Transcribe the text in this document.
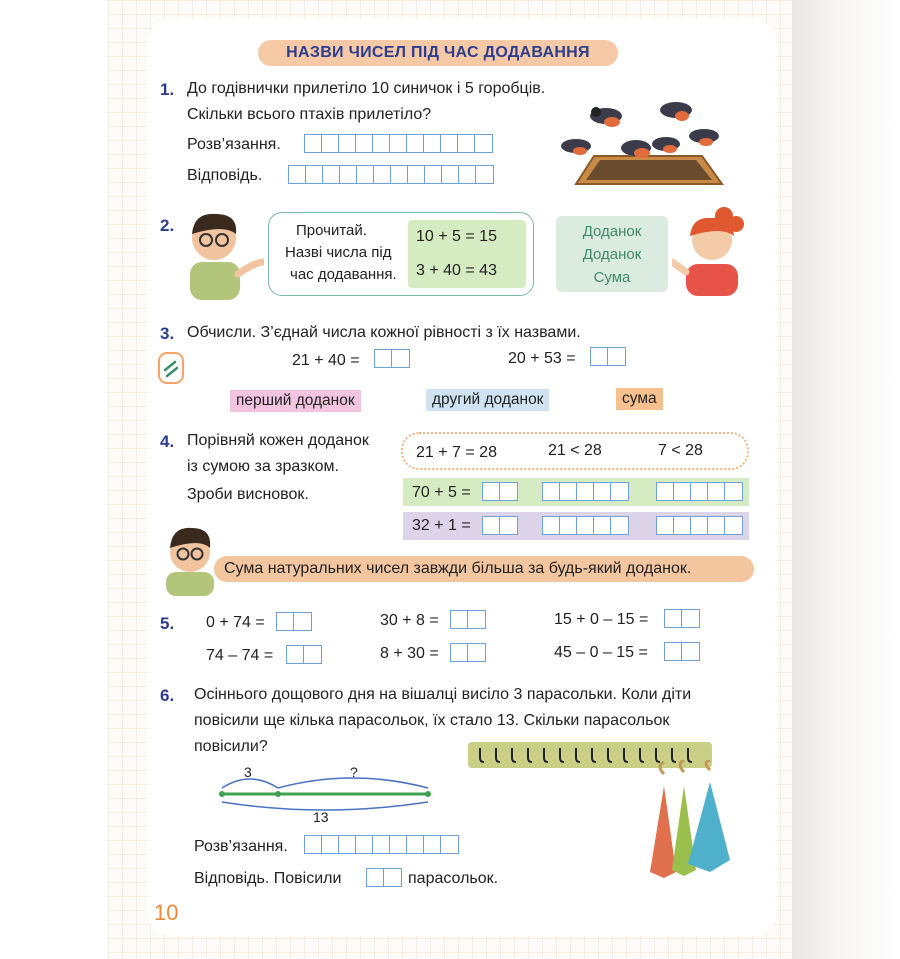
НАЗВИ ЧИСЕЛ ПІД ЧАС ДОДАВАННЯ
1. До годівнички прилетіло 10 синичок і 5 горобців.
Скільки всього птахів прилетіло?
Розв’язання.
Відповідь.
2.	Прочитай.
Назві числа під
час додавання.
10 + 5 = 15
3 + 40 = 43
Доданок
Доданок
Сума
3. Обчисли. З’єднай числа кожної рівності з їх назвами.
21 + 40 =	20 + 53 =
перший доданок	другий доданок	сума
4. Порівняй кожен доданок
із сумою за зразком.
Зроби висновок.
21 + 7 = 28	21 < 28	7 < 28
70 + 5 =
32 + 1 =
Сума натуральних чисел завжди більша за будь-який доданок.
5. 0 + 74 =	30 + 8 =	15 + 0 – 15 =
74 – 74 =	8 + 30 =	45 – 0 – 15 =
6. Осіннього дощового дня на вішалці висіло 3 парасольки. Коли діти
повісили ще кілька парасольок, їх стало 13. Скільки парасольок
повісили?
3	?
13
Розв’язання.
Відповідь. Повісили	парасольок.
10
